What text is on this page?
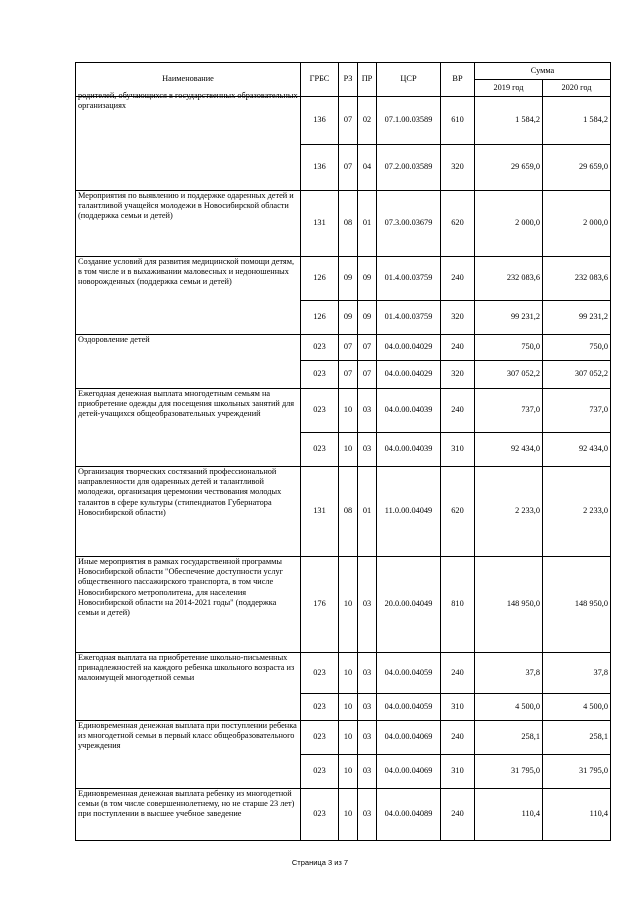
Наименование	ГРБС	РЗ	ПР	ЦСР	ВР	Сумма	
						2019 год	2020 год

родителей, обучающихся в государственных образовательных организациях	136	07	02	07.1.00.03589	610	1 584,2	1 584,2
	136	07	04	07.2.00.03589	320	29 659,0	29 659,0

Мероприятия по выявлению и поддержке одаренных детей и талантливой учащейся молодежи в Новосибирской области (поддержка семьи и детей)	131	08	01	07.3.00.03679	620	2 000,0	2 000,0

Создание условий для развития медицинской помощи детям, в том числе и в выхаживании маловесных и недоношенных новорожденных (поддержка семьи и детей)	126	09	09	01.4.00.03759	240	232 083,6	232 083,6
	126	09	09	01.4.00.03759	320	99 231,2	99 231,2

Оздоровление детей	023	07	07	04.0.00.04029	240	750,0	750,0
	023	07	07	04.0.00.04029	320	307 052,2	307 052,2

Ежегодная денежная выплата многодетным семьям на приобретение одежды для посещения школьных занятий для детей-учащихся общеобразовательных учреждений	023	10	03	04.0.00.04039	240	737,0	737,0
	023	10	03	04.0.00.04039	310	92 434,0	92 434,0

Организация творческих состязаний профессиональной направленности для одаренных детей и талантливой молодежи, организация церемонии чествования молодых талантов в сфере культуры (стипендиатов Губернатора Новосибирской области)	131	08	01	11.0.00.04049	620	2 233,0	2 233,0

Иные мероприятия в рамках государственной программы Новосибирской области "Обеспечение доступности услуг общественного пассажирского транспорта, в том числе Новосибирского метрополитена, для населения Новосибирской области на 2014-2021 годы" (поддержка семьи и детей)	176	10	03	20.0.00.04049	810	148 950,0	148 950,0

Ежегодная выплата на приобретение школьно-письменных принадлежностей на каждого ребенка школьного возраста из малоимущей многодетной семьи	023	10	03	04.0.00.04059	240	37,8	37,8
	023	10	03	04.0.00.04059	310	4 500,0	4 500,0

Единовременная денежная выплата при поступлении ребенка из многодетной семьи в первый класс общеобразовательного учреждения	023	10	03	04.0.00.04069	240	258,1	258,1
	023	10	03	04.0.00.04069	310	31 795,0	31 795,0

Единовременная денежная выплата ребенку из многодетной семьи (в том числе совершеннолетнему, но не старше 23 лет) при поступлении в высшее учебное заведение	023	10	03	04.0.00.04089	240	110,4	110,4
Страница 3 из 7
